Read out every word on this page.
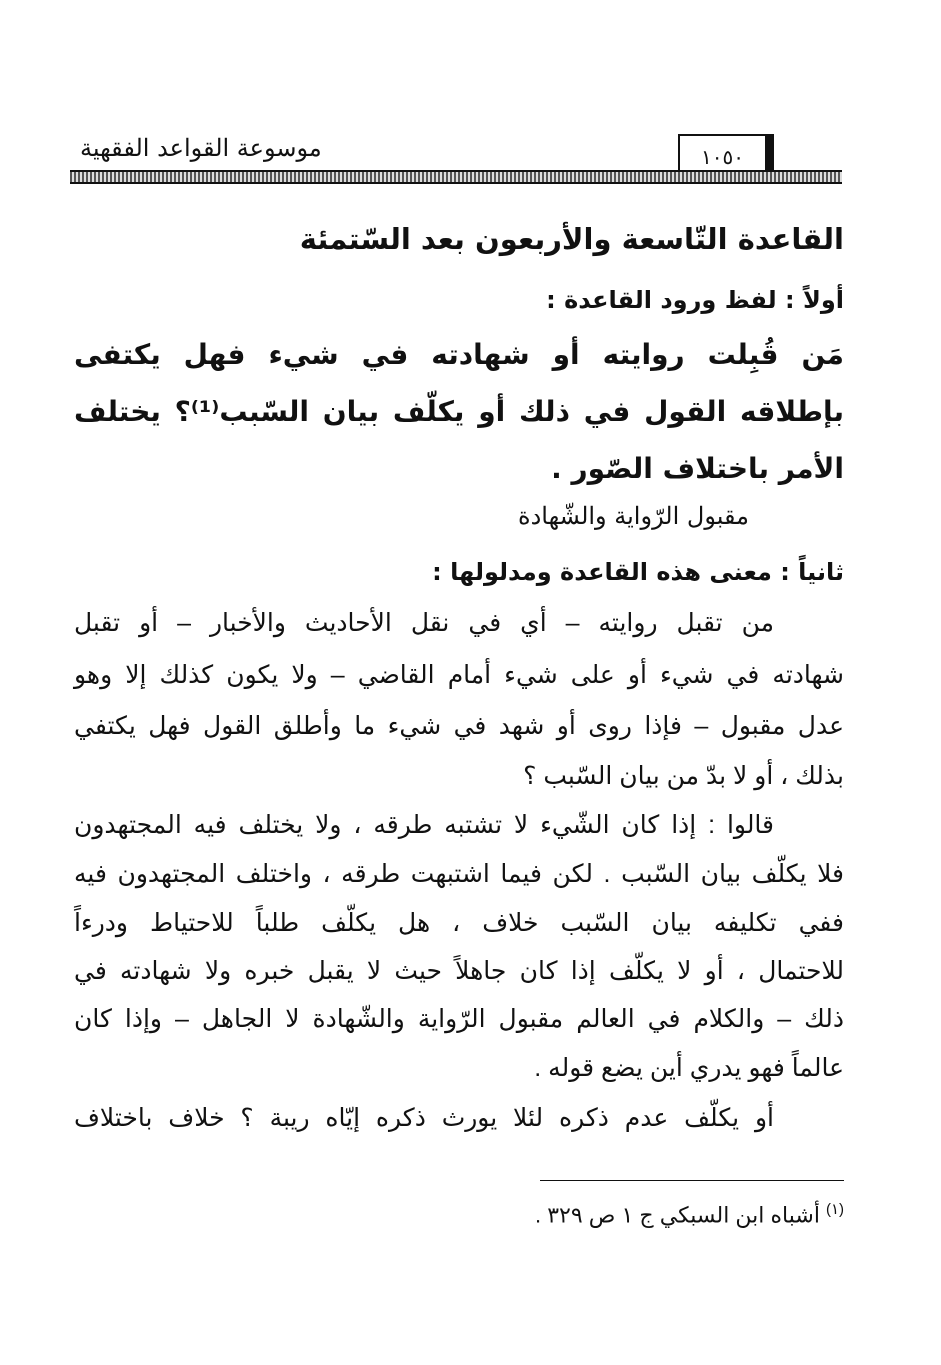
موسوعة القواعد الفقهية	١٠٥٠
القاعدة التّاسعة والأربعون بعد السّتمئة
أولاً : لفظ ورود القاعدة :
مَن قُبِلت روايته أو شهادته في شيء فهل يكتفى
بإطلاقه القول في ذلك أو يكلّف بيان السّبب⁽¹⁾؟ يختلف
الأمر باختلاف الصّور .
مقبول الرّواية والشّهادة
ثانياً : معنى هذه القاعدة ومدلولها :
من تقبل روايته – أي في نقل الأحاديث والأخبار – أو تقبل
شهادته في شيء أو على شيء أمام القاضي – ولا يكون كذلك إلا وهو
عدل مقبول – فإذا روى أو شهد في شيء ما وأطلق القول فهل يكتفي
بذلك ، أو لا بدّ من بيان السّبب ؟
قالوا : إذا كان الشّيء لا تشتبه طرقه ، ولا يختلف فيه المجتهدون
فلا يكلّف بيان السّبب . لكن فيما اشتبهت طرقه ، واختلف المجتهدون فيه
ففي تكليفه بيان السّبب خلاف ، هل يكلّف طلباً للاحتياط ودرءاً
للاحتمال ، أو لا يكلّف إذا كان جاهلاً حيث لا يقبل خبره ولا شهادته في
ذلك – والكلام في العالم مقبول الرّواية والشّهادة لا الجاهل – وإذا كان
عالماً فهو يدري أين يضع قوله .
أو يكلّف عدم ذكره لئلا يورث ذكره إيّاه ريبة ؟ خلاف باختلاف
$^{(١)}$أشباه ابن السبكي ج ١ ص ٣٢٩ .
